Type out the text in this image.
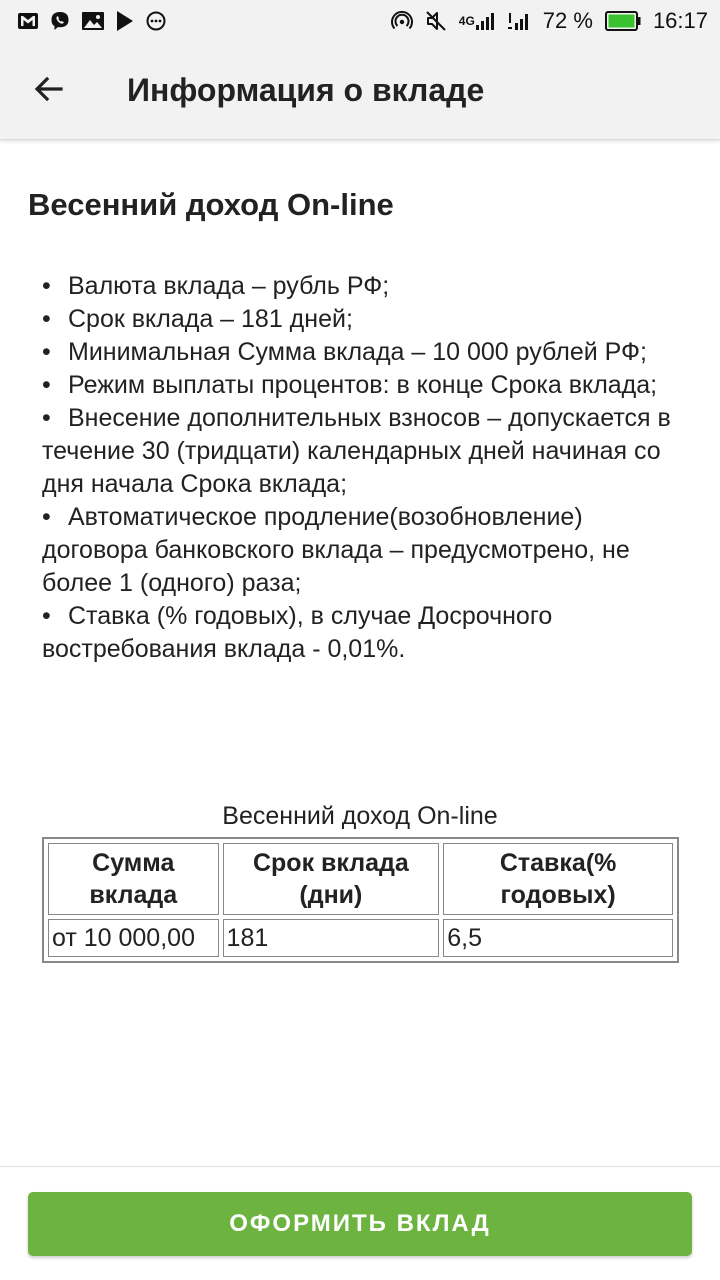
4G	72 %	16:17
Информация о вкладе
Весенний доход On-line
• Валюта вклада – рубль РФ;
• Срок вклада – 181 дней;
• Минимальная Сумма вклада – 10 000 рублей РФ;
• Режим выплаты процентов: в конце Срока вклада;
• Внесение дополнительных взносов – допускается в течение 30 (тридцати) календарных дней начиная со дня начала Срока вклада;
• Автоматическое продление(возобновление) договора банковского вклада – предусмотрено, не более 1 (одного) раза;
• Ставка (% годовых), в случае Досрочного востребования вклада - 0,01%.
Весенний доход On-line
Сумма вклада	Срок вклада (дни)	Ставка(% годовых)
от 10 000,00	181	6,5
ОФОРМИТЬ ВКЛАД
